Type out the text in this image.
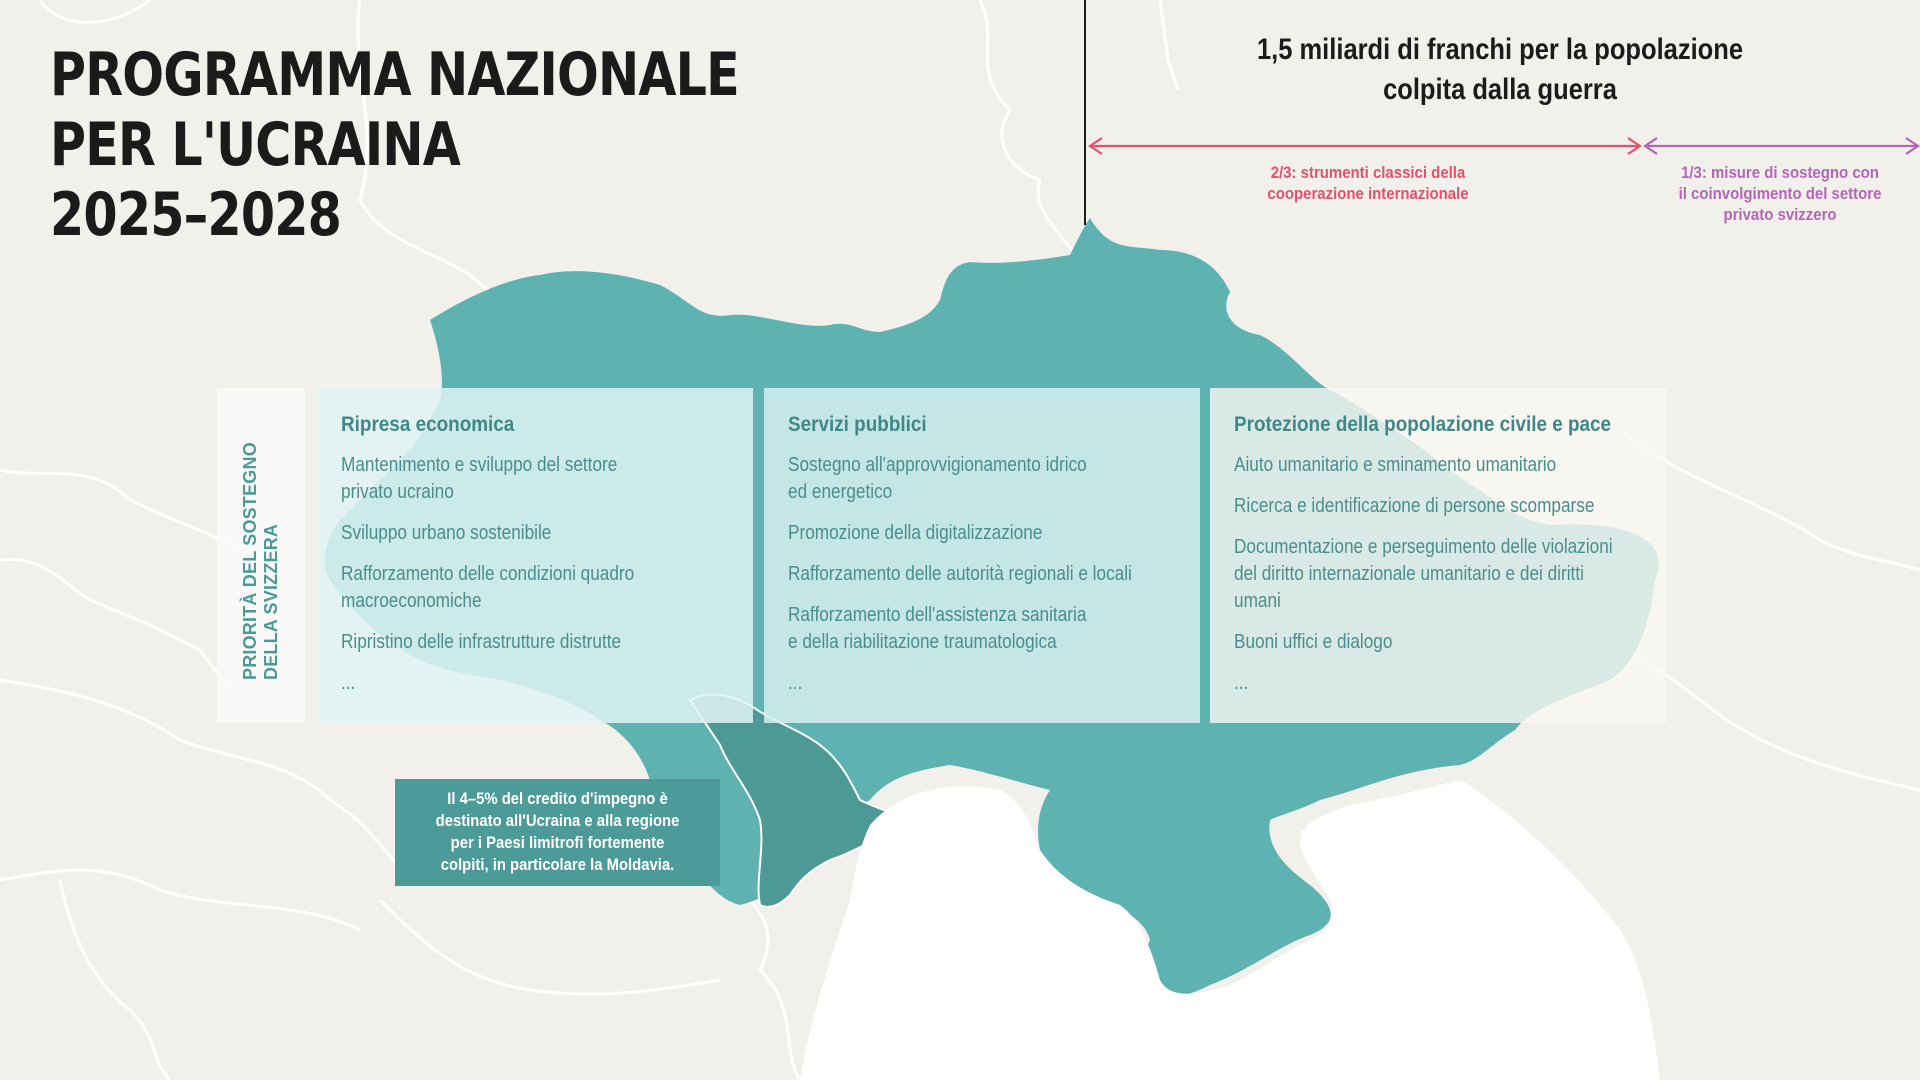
PROGRAMMA NAZIONALE
PER L'UCRAINA
2025–2028
1,5 miliardi di franchi per la popolazione
colpita dalla guerra
2/3: strumenti classici della
cooperazione internazionale
1/3: misure di sostegno con
il coinvolgimento del settore
privato svizzero
PRIORITÀ DEL SOSTEGNO DELLA SVIZZERA
Ripresa economica
Mantenimento e sviluppo del settore
privato ucraino
Sviluppo urbano sostenibile
Rafforzamento delle condizioni quadro
macroeconomiche
Ripristino delle infrastrutture distrutte
...
Servizi pubblici
Sostegno all'approvvigionamento idrico
ed energetico
Promozione della digitalizzazione
Rafforzamento delle autorità regionali e locali
Rafforzamento dell'assistenza sanitaria
e della riabilitazione traumatologica
...
Protezione della popolazione civile e pace
Aiuto umanitario e sminamento umanitario
Ricerca e identificazione di persone scomparse
Documentazione e perseguimento delle violazioni
del diritto internazionale umanitario e dei diritti
umani
Buoni uffici e dialogo
...
Il 4–5% del credito d'impegno è
destinato all'Ucraina e alla regione
per i Paesi limitrofi fortemente
colpiti, in particolare la Moldavia.
